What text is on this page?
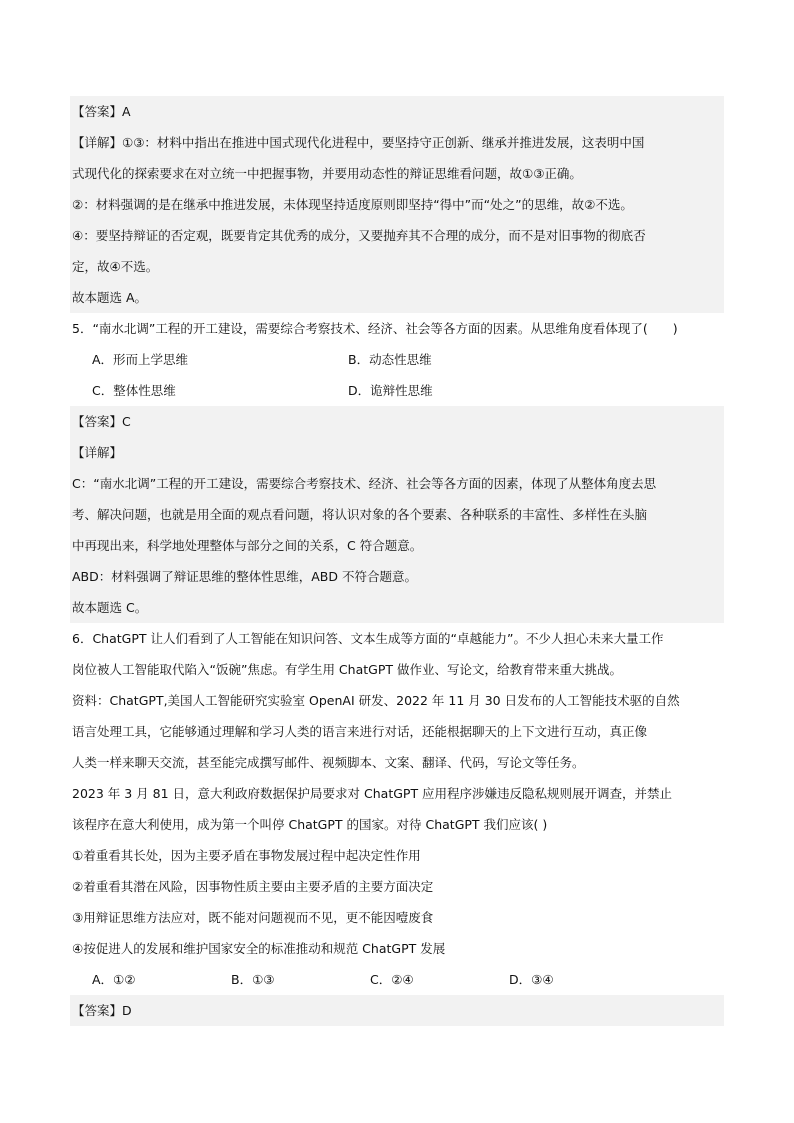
【答案】A
【详解】①③：材料中指出在推进中国式现代化进程中，要坚持守正创新、继承并推进发展，这表明中国
式现代化的探索要求在对立统一中把握事物，并要用动态性的辩证思维看问题，故①③正确。
②：材料强调的是在继承中推进发展，未体现坚持适度原则即坚持“得中”而“处之”的思维，故②不选。
④：要坚持辩证的否定观，既要肯定其优秀的成分，又要抛弃其不合理的成分，而不是对旧事物的彻底否
定，故④不选。
故本题选 A。
5．“南水北调”工程的开工建设，需要综合考察技术、经济、社会等各方面的因素。从思维角度看体现了(　　)
A．形而上学思维	B．动态性思维
C．整体性思维	D．诡辩性思维
【答案】C
【详解】
C：“南水北调”工程的开工建设，需要综合考察技术、经济、社会等各方面的因素，体现了从整体角度去思
考、解决问题，也就是用全面的观点看问题，将认识对象的各个要素、各种联系的丰富性、多样性在头脑
中再现出来，科学地处理整体与部分之间的关系，C 符合题意。
ABD：材料强调了辩证思维的整体性思维，ABD 不符合题意。
故本题选 C。
6．ChatGPT 让人们看到了人工智能在知识问答、文本生成等方面的“卓越能力”。不少人担心未来大量工作
岗位被人工智能取代陷入“饭碗”焦虑。有学生用 ChatGPT 做作业、写论文，给教育带来重大挑战。
资料：ChatGPT,美国人工智能研究实验室 OpenAI 研发、2022 年 11 月 30 日发布的人工智能技术驱的自然
语言处理工具，它能够通过理解和学习人类的语言来进行对话，还能根据聊天的上下文进行互动，真正像
人类一样来聊天交流，甚至能完成撰写邮件、视频脚本、文案、翻译、代码，写论文等任务。
2023 年 3 月 81 日，意大利政府数据保护局要求对 ChatGPT 应用程序涉嫌违反隐私规则展开调查，并禁止
该程序在意大利使用，成为第一个叫停 ChatGPT 的国家。对待 ChatGPT 我们应该( )
①着重看其长处，因为主要矛盾在事物发展过程中起决定性作用
②着重看其潜在风险，因事物性质主要由主要矛盾的主要方面决定
③用辩证思维方法应对，既不能对问题视而不见，更不能因噎废食
④按促进人的发展和维护国家安全的标准推动和规范 ChatGPT 发展
A．①②	B．①③	C．②④	D．③④
【答案】D
